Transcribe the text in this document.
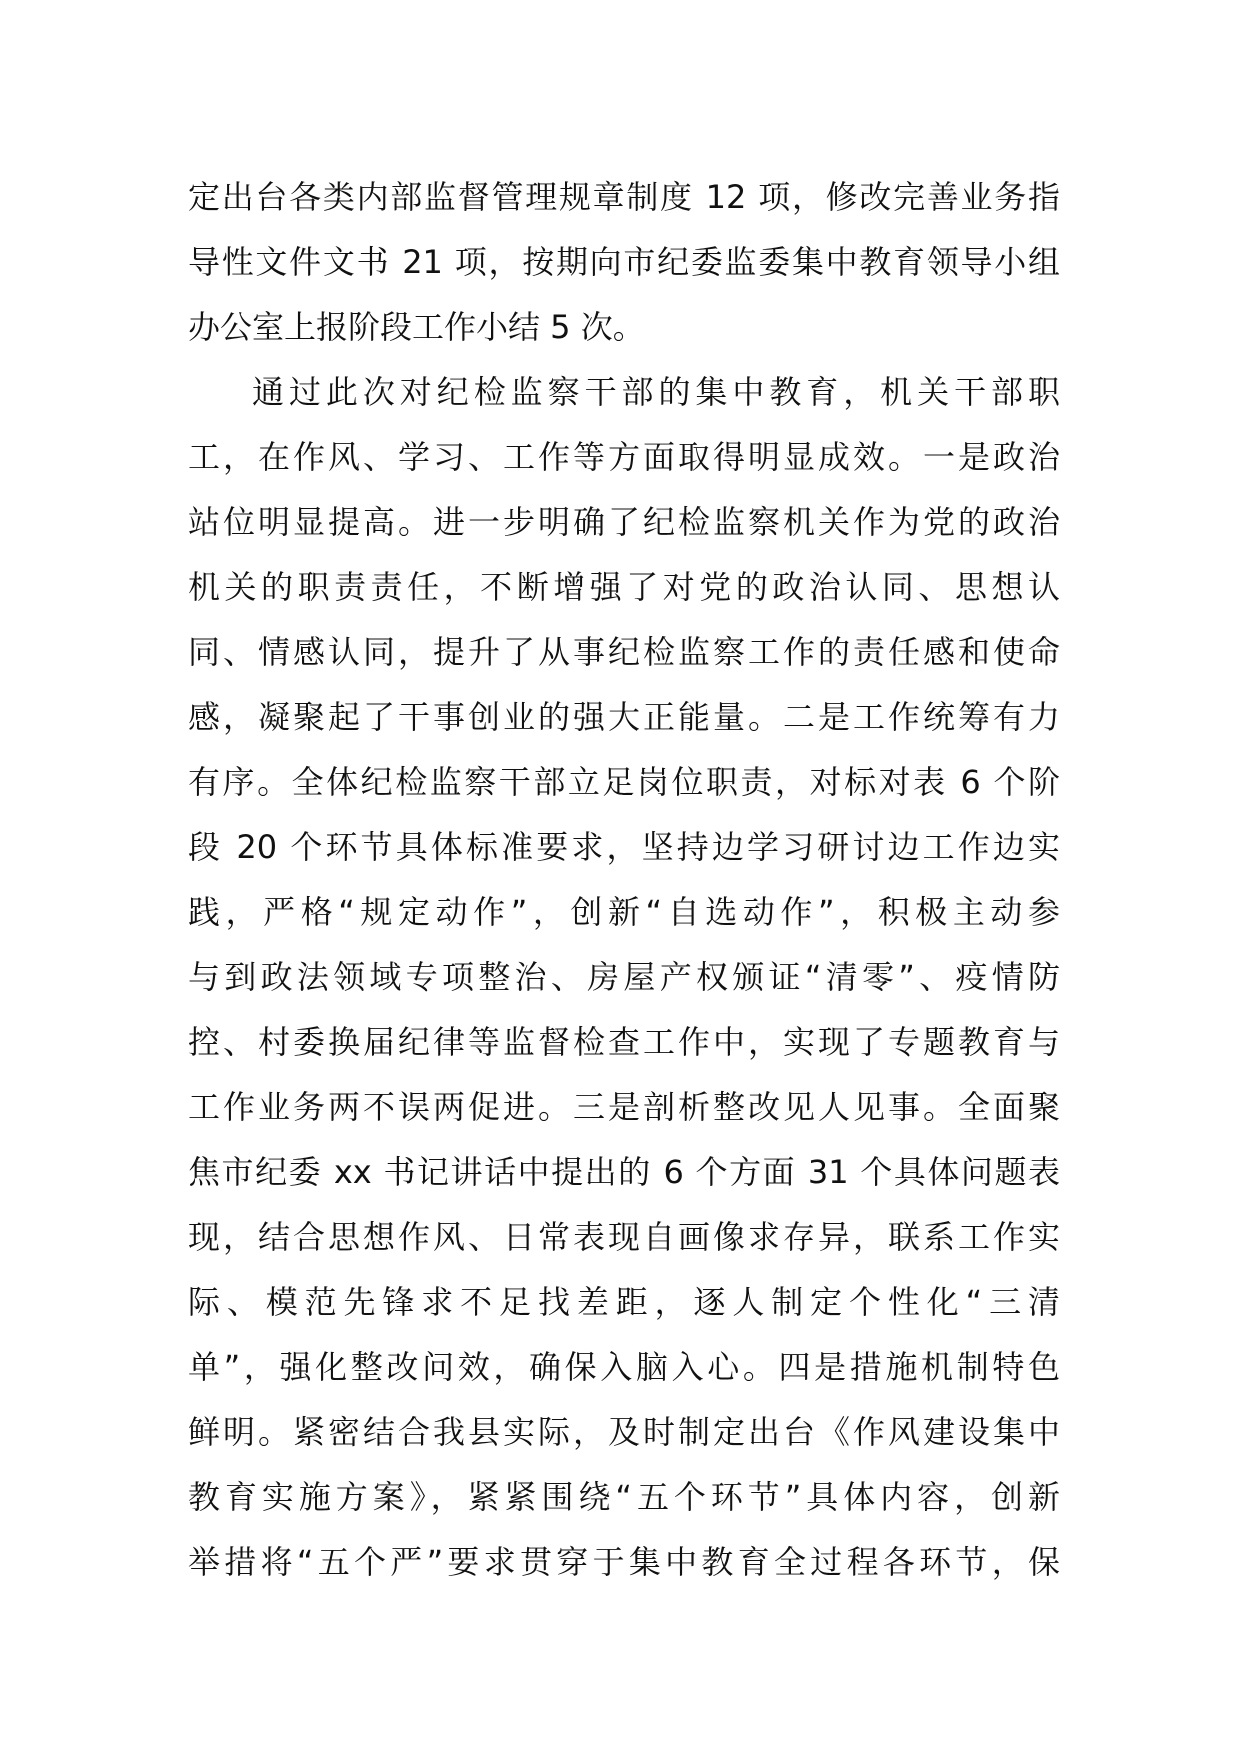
定出台各类内部监督管理规章制度 12 项，修改完善业务指
导性文件文书 21 项，按期向市纪委监委集中教育领导小组
办公室上报阶段工作小结 5 次。
通过此次对纪检监察干部的集中教育，机关干部职
工，在作风、学习、工作等方面取得明显成效。一是政治
站位明显提高。进一步明确了纪检监察机关作为党的政治
机关的职责责任，不断增强了对党的政治认同、思想认
同、情感认同，提升了从事纪检监察工作的责任感和使命
感，凝聚起了干事创业的强大正能量。二是工作统筹有力
有序。全体纪检监察干部立足岗位职责，对标对表 6 个阶
段 20 个环节具体标准要求，坚持边学习研讨边工作边实
践，严格“规定动作”，创新“自选动作”，积极主动参
与到政法领域专项整治、房屋产权颁证“清零”、疫情防
控、村委换届纪律等监督检查工作中，实现了专题教育与
工作业务两不误两促进。三是剖析整改见人见事。全面聚
焦市纪委 xx 书记讲话中提出的 6 个方面 31 个具体问题表
现，结合思想作风、日常表现自画像求存异，联系工作实
际、模范先锋求不足找差距，逐人制定个性化“三清
单”，强化整改问效，确保入脑入心。四是措施机制特色
鲜明。紧密结合我县实际，及时制定出台《作风建设集中
教育实施方案》，紧紧围绕“五个环节”具体内容，创新
举措将“五个严”要求贯穿于集中教育全过程各环节，保
